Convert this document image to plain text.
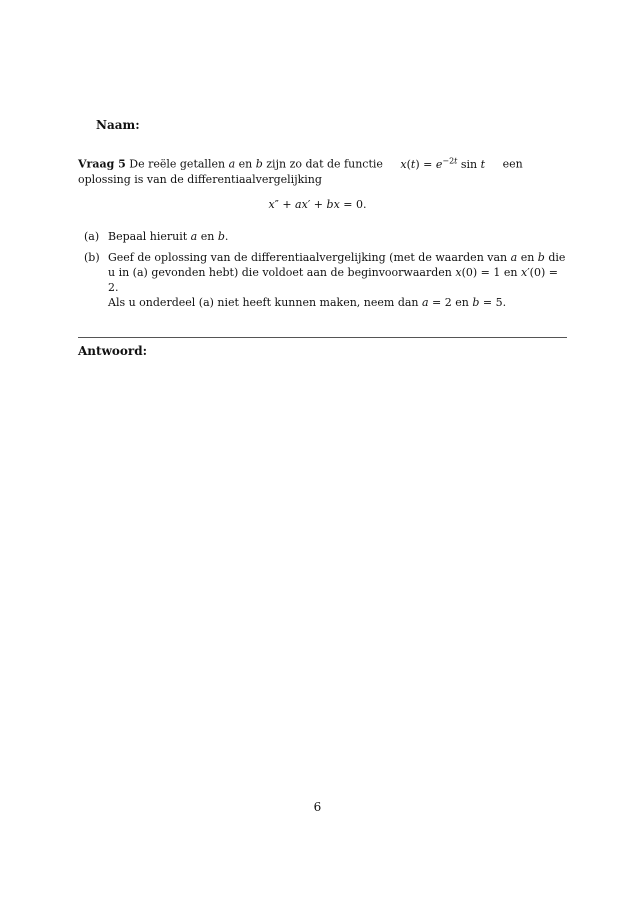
Naam:
Vraag 5 De reële getallen a en b zijn zo dat de functie $x(t) = e^{-2t}$ sin t een oplossing is van de differentiaalvergelijking
x″ + ax′ + bx = 0.
(a) Bepaal hieruit a en b.
(b) Geef de oplossing van de differentiaalvergelijking (met de waarden van a en b die u in (a) gevonden hebt) die voldoet aan de beginvoorwaarden x(0) = 1 en x′(0) = 2.
Als u onderdeel (a) niet heeft kunnen maken, neem dan a = 2 en b = 5.
Antwoord:
6
